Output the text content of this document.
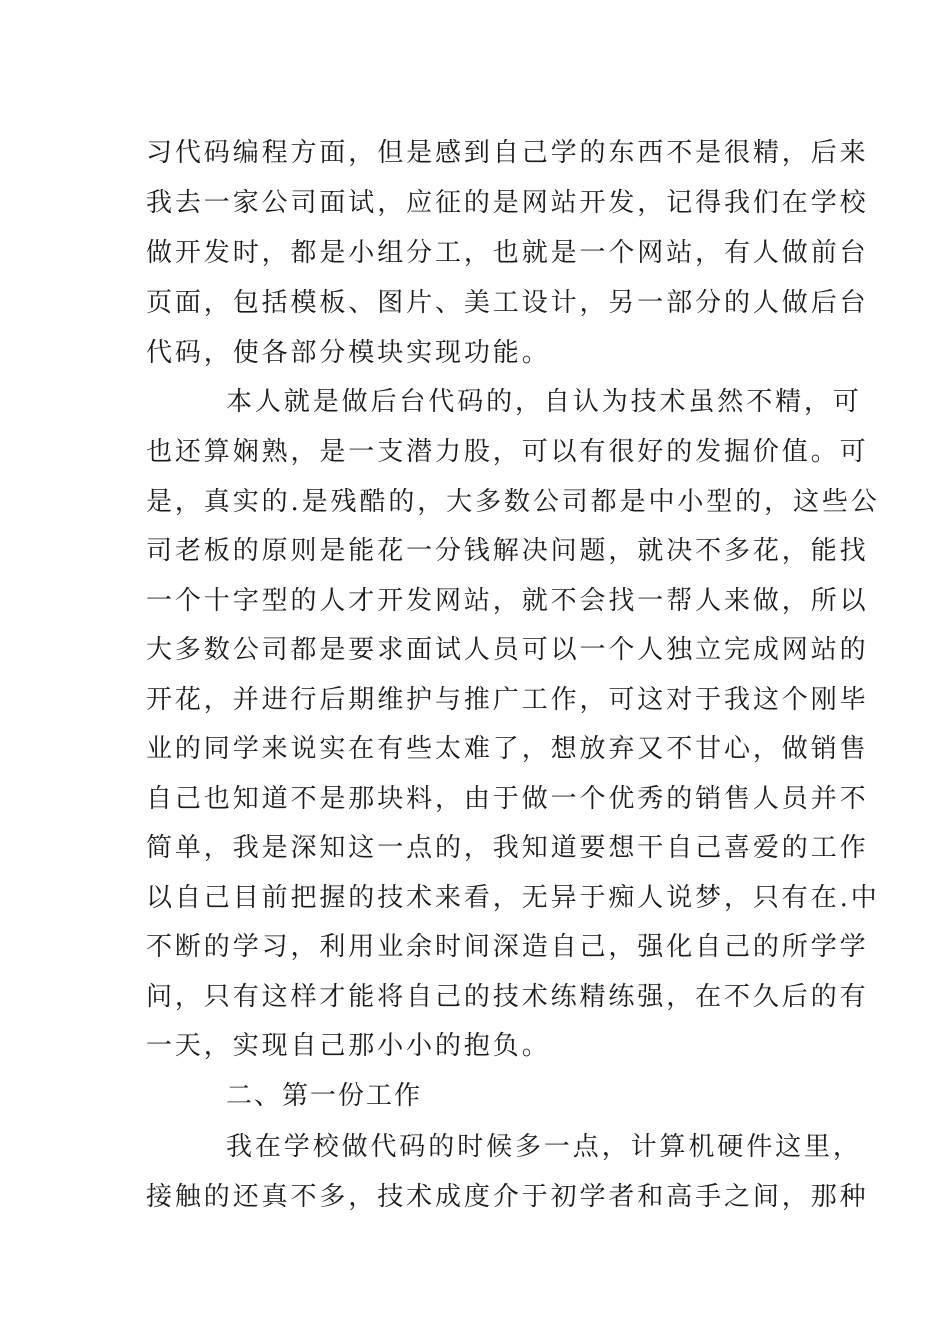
习代码编程方面，但是感到自己学的东西不是很精，后来
我去一家公司面试，应征的是网站开发，记得我们在学校
做开发时，都是小组分工，也就是一个网站，有人做前台
页面，包括模板、图片、美工设计，另一部分的人做后台
代码，使各部分模块实现功能。
本人就是做后台代码的，自认为技术虽然不精，可
也还算娴熟，是一支潜力股，可以有很好的发掘价值。可
是，真实的.是残酷的，大多数公司都是中小型的，这些公
司老板的原则是能花一分钱解决问题，就决不多花，能找
一个十字型的人才开发网站，就不会找一帮人来做，所以
大多数公司都是要求面试人员可以一个人独立完成网站的
开花，并进行后期维护与推广工作，可这对于我这个刚毕
业的同学来说实在有些太难了，想放弃又不甘心，做销售
自己也知道不是那块料，由于做一个优秀的销售人员并不
简单，我是深知这一点的，我知道要想干自己喜爱的工作
以自己目前把握的技术来看，无异于痴人说梦，只有在.中
不断的学习，利用业余时间深造自己，强化自己的所学学
问，只有这样才能将自己的技术练精练强，在不久后的有
一天，实现自己那小小的抱负。
二、第一份工作
我在学校做代码的时候多一点，计算机硬件这里，
接触的还真不多，技术成度介于初学者和高手之间，那种
